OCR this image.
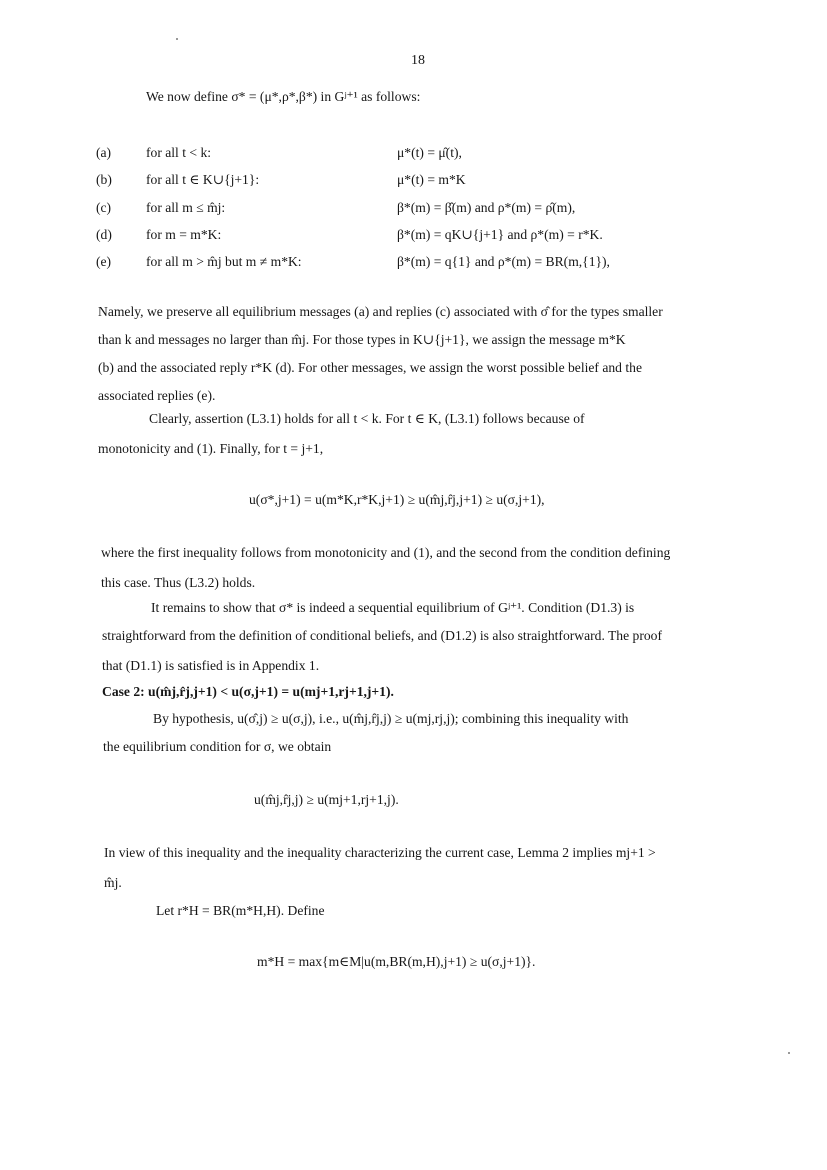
18
We now define σ* = (μ*,ρ*,β*) in Gʲ⁺¹ as follows:
(a)	for all t < k:	μ*(t) = μ̂(t),
(b)	for all t ∈ K∪{j+1}:	μ*(t) = m*K
(c)	for all m ≤ m̂j:	β*(m) = β̂(m) and ρ*(m) = ρ̂(m),
(d)	for m = m*K:	β*(m) = qK∪{j+1} and ρ*(m) = r*K.
(e)	for all m > m̂j but m ≠ m*K:	β*(m) = q{1} and ρ*(m) = BR(m,{1}),
Namely, we preserve all equilibrium messages (a) and replies (c) associated with σ̂ for the types smaller
than k and messages no larger than m̂j. For those types in K∪{j+1}, we assign the message m*K
(b) and the associated reply r*K (d). For other messages, we assign the worst possible belief and the
associated replies (e).
Clearly, assertion (L3.1) holds for all t < k. For t ∈ K, (L3.1) follows because of
monotonicity and (1). Finally, for t = j+1,
u(σ*,j+1) = u(m*K,r*K,j+1) ≥ u(m̂j,r̂j,j+1) ≥ u(σ,j+1),
where the first inequality follows from monotonicity and (1), and the second from the condition defining
this case. Thus (L3.2) holds.
It remains to show that σ* is indeed a sequential equilibrium of Gʲ⁺¹. Condition (D1.3) is
straightforward from the definition of conditional beliefs, and (D1.2) is also straightforward. The proof
that (D1.1) is satisfied is in Appendix 1.
Case 2: u(m̂j,r̂j,j+1) < u(σ,j+1) = u(mj+1,rj+1,j+1).
By hypothesis, u(σ̂,j) ≥ u(σ,j), i.e., u(m̂j,r̂j,j) ≥ u(mj,rj,j); combining this inequality with
the equilibrium condition for σ, we obtain
u(m̂j,r̂j,j) ≥ u(mj+1,rj+1,j).
In view of this inequality and the inequality characterizing the current case, Lemma 2 implies mj+1 >
m̂j.
Let r*H = BR(m*H,H). Define
m*H = max{m∈M|u(m,BR(m,H),j+1) ≥ u(σ,j+1)}.
